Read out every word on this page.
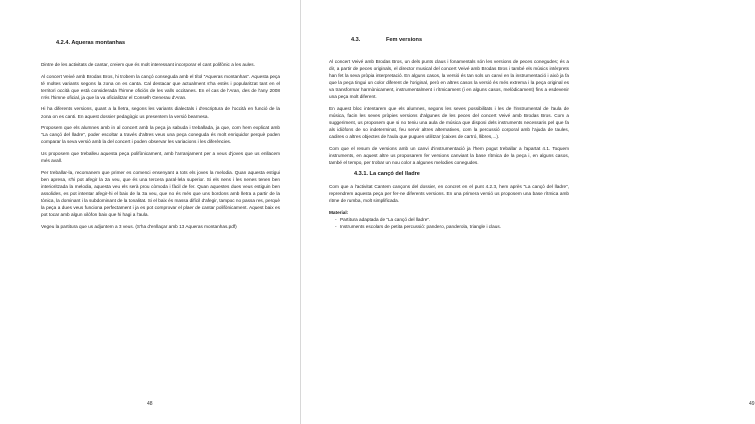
4.2.4. Aqueras montanhas

Dintre de les activitats de cantar, creiem que és molt interessant incorporar el cant polifònic a les aules.

Al concert Veivé amb Brodas Bros, hi trobem la cançó conseguda amb el títol “Aqueras montanhas”. Aquesta peça té moltes variants segons la zona on es canta. Cal destacar que actualment s'ha estès i popularitzat tant en el territori occità que està considerada l'himne oficiós de les valls occitanes. En el cas de l'Aran, des de l'any 2008 n'és l'himne oficial, ja que la va oficialitzar el Conselh Generau d'Aran.

Hi ha diferents versions, quant a la lletra, segons les variants dialectals i d'escriptura de l'occità en funció de la zona on es canti. En aquest dossier pedagògic us presentem la versió bearnesa.

Proposem que els alumnes amb in al concert amb la peça ja sabuda i treballada, ja que, com hem explicat amb “La cançó del lladre”, poder escoltar a través d'altres veus una peça coneguda és molt enriquidor perquè poden comparar la seva versió amb la del concert i poden observar les variacions i les diferències.

Us proposem que treballeu aquesta peça polifònicament, amb l'arranjament per a veus d'joves que us enllacem més avall.

Per treballar-la, recomanem que primer es comenci ensenyant a tots els joves la melodia. Quan aquesta estigui ben apresa, s'hi pot afegir la 2a veu, que és una tercera paral·lela superior. Si els nens i les nenes tenen ben interioritzada la melodia, aquesta veu els serà prou còmoda i fàcil de fer. Quan aquestes dues veus estiguin ben assolides, es pot intentar afegir-hi el baix de la 3a veu, que no és més que uns bordons amb lletra a partir de la tònica, la dominant i la subdominant de la tonalitat. Si el baix és massa difícil d'afegir, tampoc no passa res, perquè la peça a dues veus funciona perfectament i ja es pot comprovar el plaer de cantar polifònicament. Aquest baix es pot tocar amb algun xilòfon baix que hi hagi a l'aula.

Vegeu la partitura que us adjuntem a 3 veus. (S'ha d'enllaçar amb 13 Aqueras montanhas.pdf)

48
4.3.	Fem versions

Al concert Veivé amb Brodas Bros, un dels punts claus i fonamentals són les versions de peces conegudes; és a dir, a partir de peces originals, el director musical del concert Veivé amb Brodas Bros i també els músics intèrprets han fet la seva pròpia interpretació. En alguns casos, la versió és tan sols un canvi en la instrumentació i això ja fa que la peça tingui un color diferent de l'original, però en altres casos la versió és més extrema i la peça original es va transformar harmònicament, instrumentalment i rítmicament (i en alguns casos, melòdicament) fins a esdevenir una peça molt diferent.

En aquest bloc intentarem que els alumnes, segons les seves possibilitats i les de l'instrumental de l'aula de música, facin les seves pròpies versions d'algunes de les peces del concert Veivé amb Brodas Bros. Com a suggeriment, us proposem que si no teniu una aula de música que disposi dels instruments necessaris pel que fa als idiòfons de so indeterminat, feu servir altres alternatives, com la percussió corporal amb l'ajuda de taules, cadires o altres objectes de l'aula que puguen utilitzar (caixes de cartró, llibres,...).

Com que el resum de versions amb un canvi d'instrumentació ja l'hem pogut treballar a l'apartat 4.1. Toquem instruments, en aquest altre us proposarem fer versions canviant la base rítmica de la peça i, en alguns casos, també el tempo, per trobar un nou color a algunes melodies conegudes.

4.3.1. La cançó del lladre

Com que a l'activitat Cantem cançons del dossier, en concret en el punt 4.2.3, hem après “La cançó del lladre”, reprendrem aquesta peça per fer-ne diferents versions. En una primera versió us proposem una base rítmica amb ritme de rumba, molt simplificada.

Material:

- Partitura adaptada de “La cançó del lladre”.
- Instruments escolars de petita percussió: pandero, panderola, triangle i claus.
49
